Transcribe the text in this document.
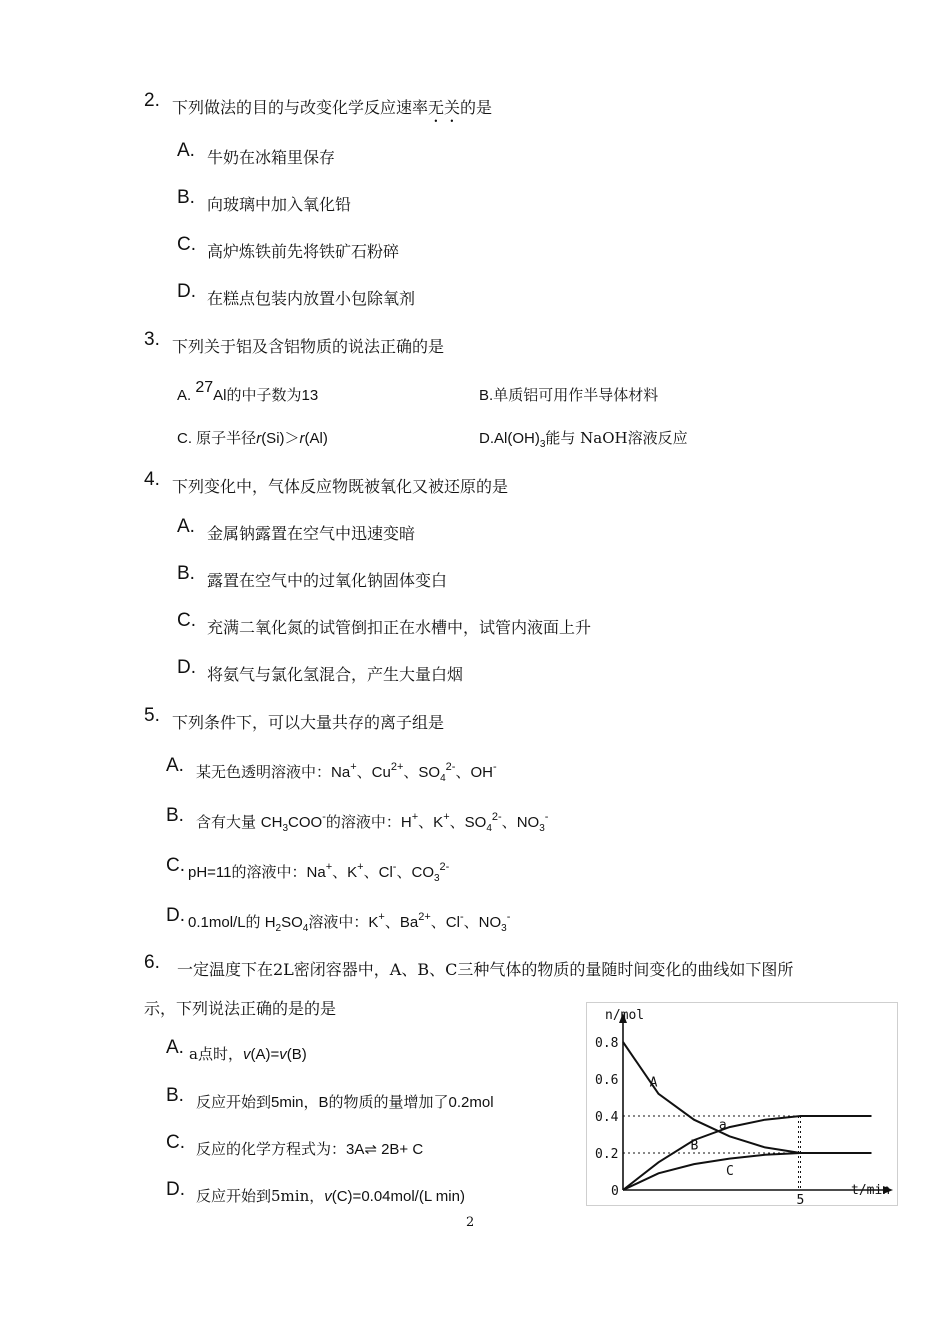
2. 下列做法的目的与改变化学反应速率无关的是
A. 牛奶在冰箱里保存
B. 向玻璃中加入氧化铅
C. 高炉炼铁前先将铁矿石粉碎
D. 在糕点包装内放置小包除氧剂
3. 下列关于铝及含铝物质的说法正确的是
A. $^{27}$Al的中子数为13	B.单质铝可用作半导体材料
C. 原子半径r(Si)＞r(Al)	$D.Al(OH)_3$能与 NaOH溶液反应
4. 下列变化中，气体反应物既被氧化又被还原的是
A. 金属钠露置在空气中迅速变暗
B. 露置在空气中的过氧化钠固体变白
C. 充满二氧化氮的试管倒扣正在水槽中，试管内液面上升
D. 将氨气与氯化氢混合，产生大量白烟
5. 下列条件下，可以大量共存的离子组是
A. 某无色透明溶液中：Na+、$Cu^{2+}$、$SO_4^{2-}$、OH-
B. 含有大量 $CH_3COO^-$的溶液中：H+、K+、$SO_4^{2-}$、$NO_3^-$
C. pH=11的溶液中：Na+、K+、Cl-、$CO_3^{2-}$
D. 0.1mol/L的 $H_2SO_4$溶液中：K+、$Ba^{2+}$、Cl-、$NO_3^-$
6. 一定温度下在2L密闭容器中，A、B、C三种气体的物质的量随时间变化的曲线如下图所
示，下列说法正确的是的是
A. a点时，v(A)=v(B)
B. 反应开始到5min，B的物质的量增加了0.2mol
C. 反应的化学方程式为：3A⇌ 2B+ C
D. 反应开始到5min，v(C)=0.04mol/(L min)
n/mol
t/min
0.8
0.6
0.4
0.2
0
5
A
B
C
a
2
